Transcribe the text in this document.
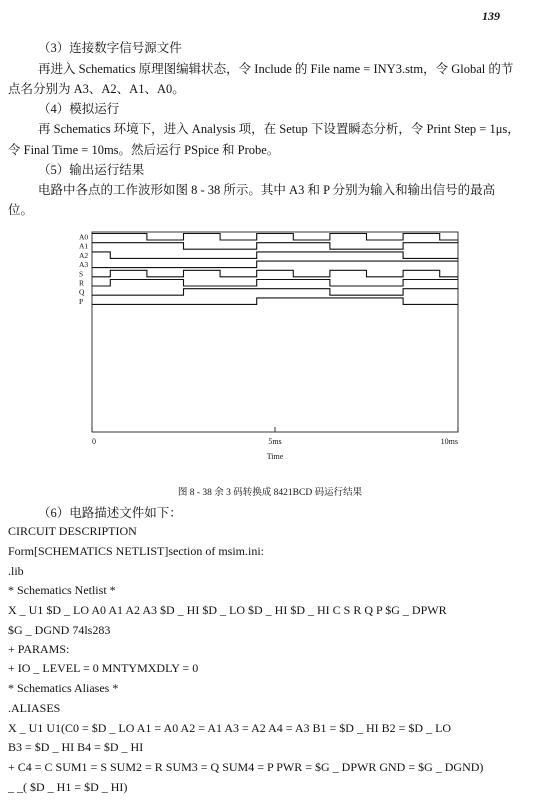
139
（3）连接数字信号源文件
再进入 Schematics 原理图编辑状态，令 Include 的 File name = INY3.stm，令 Global 的节
点名分别为 A3、A2、A1、A0。
（4）模拟运行
再 Schematics 环境下，进入 Analysis 项，在 Setup 下设置瞬态分析，令 Print Step = 1μs，
令 Final Time = 10ms。然后运行 PSpice 和 Probe。
（5）输出运行结果
电路中各点的工作波形如图 8 - 38 所示。其中 A3 和 P 分别为输入和输出信号的最高
位。
0	5ms	10ms
Time
A0
A1
A2
A3
S
R
Q
P
图 8 - 38 余 3 码转换成 8421BCD 码运行结果
（6）电路描述文件如下：
CIRCUIT DESCRIPTION
Form[SCHEMATICS NETLIST]section of msim.ini:
.lib
* Schematics Netlist *
X _ U1 $D _ LO A0 A1 A2 A3 $D _ HI $D _ LO $D _ HI $D _ HI C S R Q P $G _ DPWR
$G _ DGND 74ls283
+ PARAMS:
+ IO _ LEVEL = 0 MNTYMXDLY = 0
* Schematics Aliases *
.ALIASES
X _ U1 U1(C0 = $D _ LO A1 = A0 A2 = A1 A3 = A2 A4 = A3 B1 = $D _ HI B2 = $D _ LO
B3 = $D _ HI B4 = $D _ HI
+ C4 = C SUM1 = S SUM2 = R SUM3 = Q SUM4 = P PWR = $G _ DPWR GND = $G _ DGND)
_ _( $D _ H1 = $D _ HI)
